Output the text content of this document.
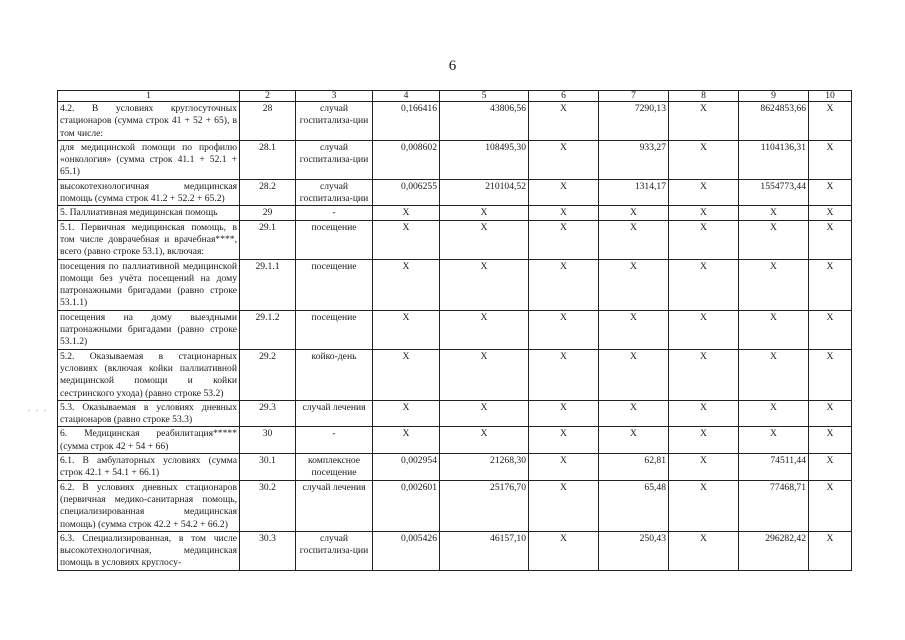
6
. . .
1	2	3	4	5	6	7	8	9	10
4.2. В условиях круглосуточных стационаров (сумма строк 41 + 52 + 65), в том числе:	28	случай госпитализа-ции	0,166416	43806,56	X	7290,13	X	8624853,66	X
для медицинской помощи по профилю «онкология» (сумма строк 41.1 + 52.1 + 65.1)	28.1	случай госпитализа-ции	0,008602	108495,30	X	933,27	X	1104136,31	X
высокотехнологичная медицинская помощь (сумма строк 41.2 + 52.2 + 65.2)	28.2	случай госпитализа-ции	0,006255	210104,52	X	1314,17	X	1554773,44	X
5. Паллиативная медицинская помощь	29	-	X	X	X	X	X	X	X
5.1. Первичная медицинская помощь, в том числе доврачебная и врачебная****, всего (равно строке 53.1), включая:	29.1	посещение	X	X	X	X	X	X	X
посещения по паллиативной медицинской помощи без учёта посещений на дому патронажными бригадами (равно строке 53.1.1)	29.1.1	посещение	X	X	X	X	X	X	X
посещения на дому выездными патронажными бригадами (равно строке 53.1.2)	29.1.2	посещение	X	X	X	X	X	X	X
5.2. Оказываемая в стационарных условиях (включая койки паллиативной медицинской помощи и койки сестринского ухода) (равно строке 53.2)	29.2	койко-день	X	X	X	X	X	X	X
5.3. Оказываемая в условиях дневных стационаров (равно строке 53.3)	29.3	случай лечения	X	X	X	X	X	X	X
6. Медицинская реабилитация***** (сумма строк 42 + 54 + 66)	30	-	X	X	X	X	X	X	X
6.1. В амбулаторных условиях (сумма строк 42.1 + 54.1 + 66.1)	30.1	комплексное посещение	0,002954	21268,30	X	62,81	X	74511,44	X
6.2. В условиях дневных стационаров (первичная медико-санитарная помощь, специализированная медицинская помощь) (сумма строк 42.2 + 54.2 + 66.2)	30.2	случай лечения	0,002601	25176,70	X	65,48	X	77468,71	X
6.3. Специализированная, в том числе высокотехнологичная, медицинская помощь в условиях круглосу-	30.3	случай госпитализа-ции	0,005426	46157,10	X	250,43	X	296282,42	X
